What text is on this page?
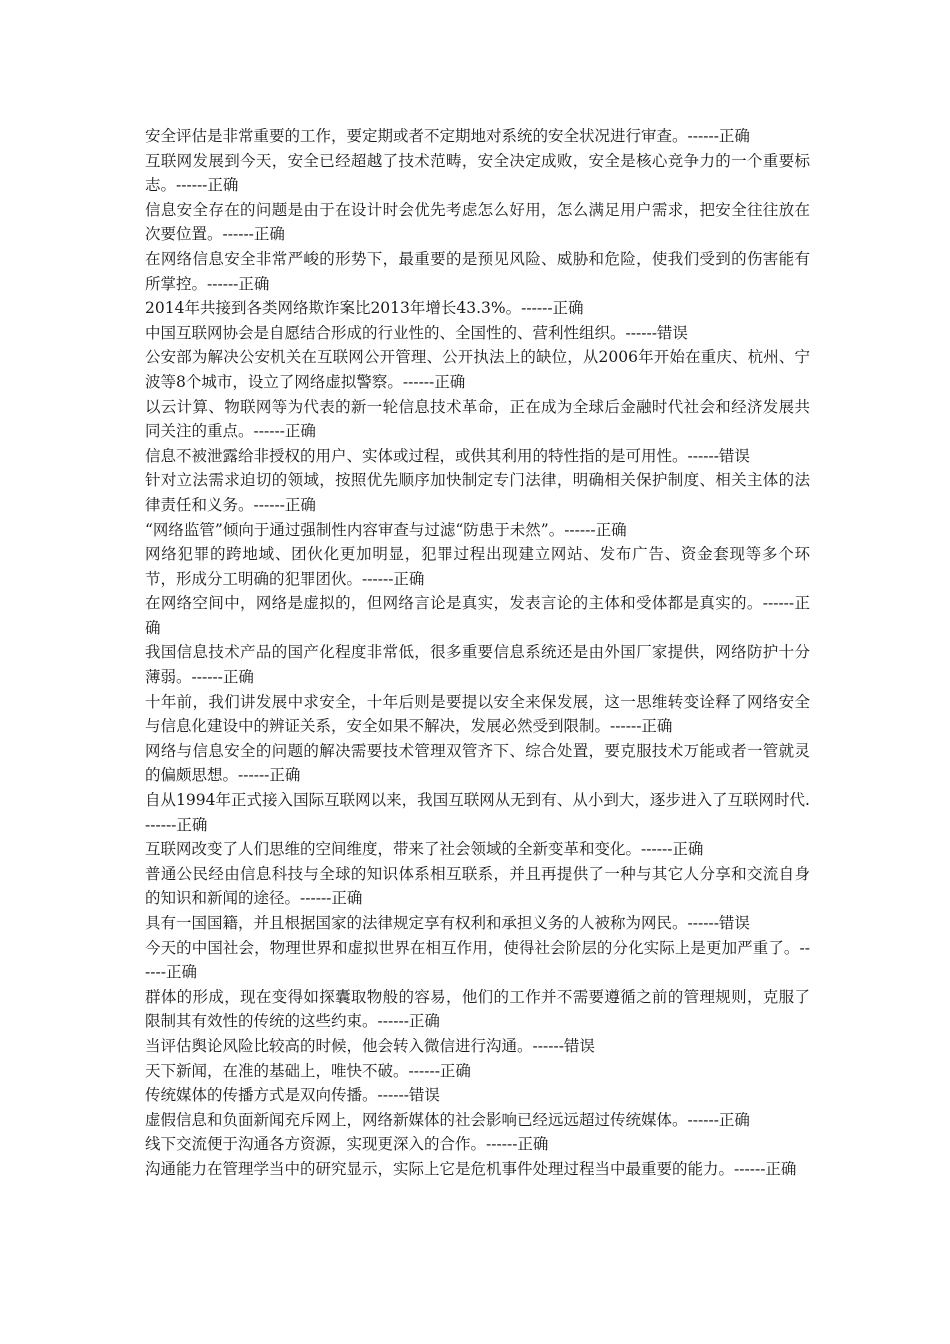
安全评估是非常重要的工作，要定期或者不定期地对系统的安全状况进行审查。------正确

互联网发展到今天，安全已经超越了技术范畴，安全决定成败，安全是核心竞争力的一个重要标志。------正确

信息安全存在的问题是由于在设计时会优先考虑怎么好用，怎么满足用户需求，把安全往往放在次要位置。------正确

在网络信息安全非常严峻的形势下，最重要的是预见风险、威胁和危险，使我们受到的伤害能有所掌控。------正确

2014年共接到各类网络欺诈案比2013年增长43.3%。------正确

中国互联网协会是自愿结合形成的行业性的、全国性的、营利性组织。------错误

公安部为解决公安机关在互联网公开管理、公开执法上的缺位，从2006年开始在重庆、杭州、宁波等8个城市，设立了网络虚拟警察。------正确

以云计算、物联网等为代表的新一轮信息技术革命，正在成为全球后金融时代社会和经济发展共同关注的重点。------正确

信息不被泄露给非授权的用户、实体或过程，或供其利用的特性指的是可用性。------错误

针对立法需求迫切的领域，按照优先顺序加快制定专门法律，明确相关保护制度、相关主体的法律责任和义务。------正确

“网络监管”倾向于通过强制性内容审查与过滤“防患于未然”。------正确

网络犯罪的跨地域、团伙化更加明显，犯罪过程出现建立网站、发布广告、资金套现等多个环节，形成分工明确的犯罪团伙。------正确

在网络空间中，网络是虚拟的，但网络言论是真实，发表言论的主体和受体都是真实的。------正确

我国信息技术产品的国产化程度非常低，很多重要信息系统还是由外国厂家提供，网络防护十分薄弱。------正确

十年前，我们讲发展中求安全，十年后则是要提以安全来保发展，这一思维转变诠释了网络安全与信息化建设中的辨证关系，安全如果不解决，发展必然受到限制。------正确

网络与信息安全的问题的解决需要技术管理双管齐下、综合处置，要克服技术万能或者一管就灵的偏颇思想。------正确

自从1994年正式接入国际互联网以来，我国互联网从无到有、从小到大，逐步进入了互联网时代.------正确

互联网改变了人们思维的空间维度，带来了社会领域的全新变革和变化。------正确

普通公民经由信息科技与全球的知识体系相互联系，并且再提供了一种与其它人分享和交流自身的知识和新闻的途径。------正确

具有一国国籍，并且根据国家的法律规定享有权利和承担义务的人被称为网民。------错误

今天的中国社会，物理世界和虚拟世界在相互作用，使得社会阶层的分化实际上是更加严重了。------正确

群体的形成，现在变得如探囊取物般的容易，他们的工作并不需要遵循之前的管理规则，克服了限制其有效性的传统的这些约束。------正确

当评估舆论风险比较高的时候，他会转入微信进行沟通。------错误

天下新闻，在准的基础上，唯快不破。------正确

传统媒体的传播方式是双向传播。------错误

虚假信息和负面新闻充斥网上，网络新媒体的社会影响已经远远超过传统媒体。------正确

线下交流便于沟通各方资源，实现更深入的合作。------正确

沟通能力在管理学当中的研究显示，实际上它是危机事件处理过程当中最重要的能力。------正确
